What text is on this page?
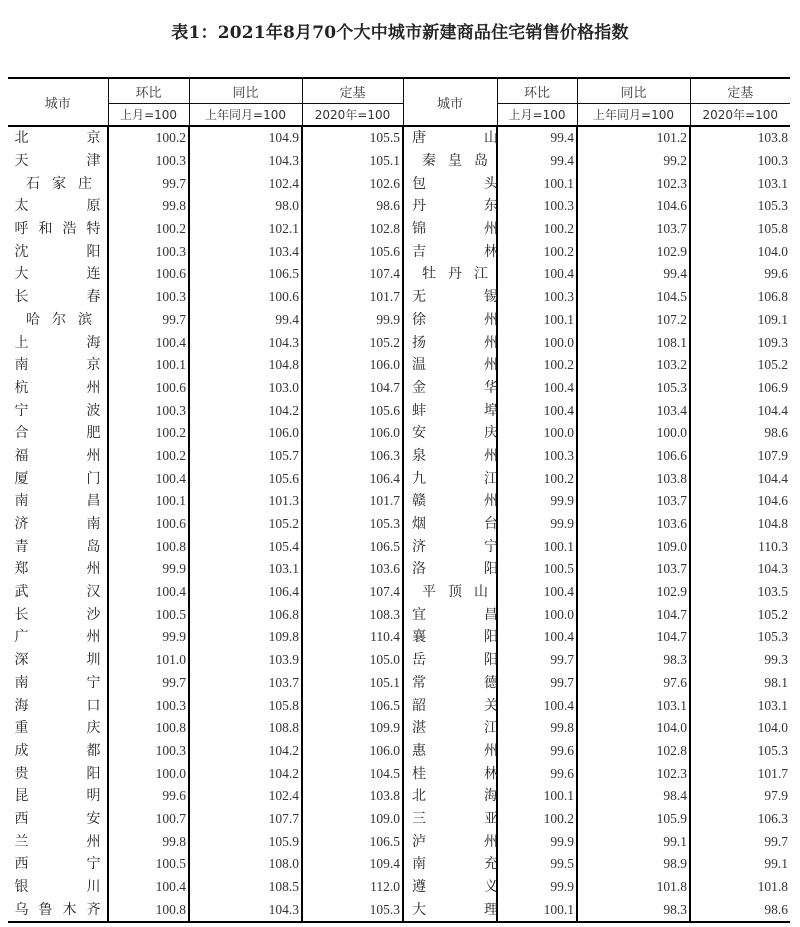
表1：2021年8月70个大中城市新建商品住宅销售价格指数
城市	环比	同比	定基	城市	环比	同比	定基
	上月=100	上年同月=100	2020年=100		上月=100	上年同月=100	2020年=100

北 京	100.2	104.9	105.5	唐 山	99.4	101.2	103.8

天 津	100.3	104.3	105.1	秦 皇 岛	99.4	99.2	100.3

石 家 庄	99.7	102.4	102.6	包 头	100.1	102.3	103.1

太 原	99.8	98.0	98.6	丹 东	100.3	104.6	105.3

呼 和 浩 特	100.2	102.1	102.8	锦 州	100.2	103.7	105.8

沈 阳	100.3	103.4	105.6	吉 林	100.2	102.9	104.0

大 连	100.6	106.5	107.4	牡 丹 江	100.4	99.4	99.6

长 春	100.3	100.6	101.7	无 锡	100.3	104.5	106.8

哈 尔 滨	99.7	99.4	99.9	徐 州	100.1	107.2	109.1

上 海	100.4	104.3	105.2	扬 州	100.0	108.1	109.3

南 京	100.1	104.8	106.0	温 州	100.2	103.2	105.2

杭 州	100.6	103.0	104.7	金 华	100.4	105.3	106.9

宁 波	100.3	104.2	105.6	蚌 埠	100.4	103.4	104.4

合 肥	100.2	106.0	106.0	安 庆	100.0	100.0	98.6

福 州	100.2	105.7	106.3	泉 州	100.3	106.6	107.9

厦 门	100.4	105.6	106.4	九 江	100.2	103.8	104.4

南 昌	100.1	101.3	101.7	赣 州	99.9	103.7	104.6

济 南	100.6	105.2	105.3	烟 台	99.9	103.6	104.8

青 岛	100.8	105.4	106.5	济 宁	100.1	109.0	110.3

郑 州	99.9	103.1	103.6	洛 阳	100.5	103.7	104.3

武 汉	100.4	106.4	107.4	平 顶 山	100.4	102.9	103.5

长 沙	100.5	106.8	108.3	宜 昌	100.0	104.7	105.2

广 州	99.9	109.8	110.4	襄 阳	100.4	104.7	105.3

深 圳	101.0	103.9	105.0	岳 阳	99.7	98.3	99.3

南 宁	99.7	103.7	105.1	常 德	99.7	97.6	98.1

海 口	100.3	105.8	106.5	韶 关	100.4	103.1	103.1

重 庆	100.8	108.8	109.9	湛 江	99.8	104.0	104.0

成 都	100.3	104.2	106.0	惠 州	99.6	102.8	105.3

贵 阳	100.0	104.2	104.5	桂 林	99.6	102.3	101.7

昆 明	99.6	102.4	103.8	北 海	100.1	98.4	97.9

西 安	100.7	107.7	109.0	三 亚	100.2	105.9	106.3

兰 州	99.8	105.9	106.5	泸 州	99.9	99.1	99.7

西 宁	100.5	108.0	109.4	南 充	99.5	98.9	99.1

银 川	100.4	108.5	112.0	遵 义	99.9	101.8	101.8

乌 鲁 木 齐	100.8	104.3	105.3	大 理	100.1	98.3	98.6
